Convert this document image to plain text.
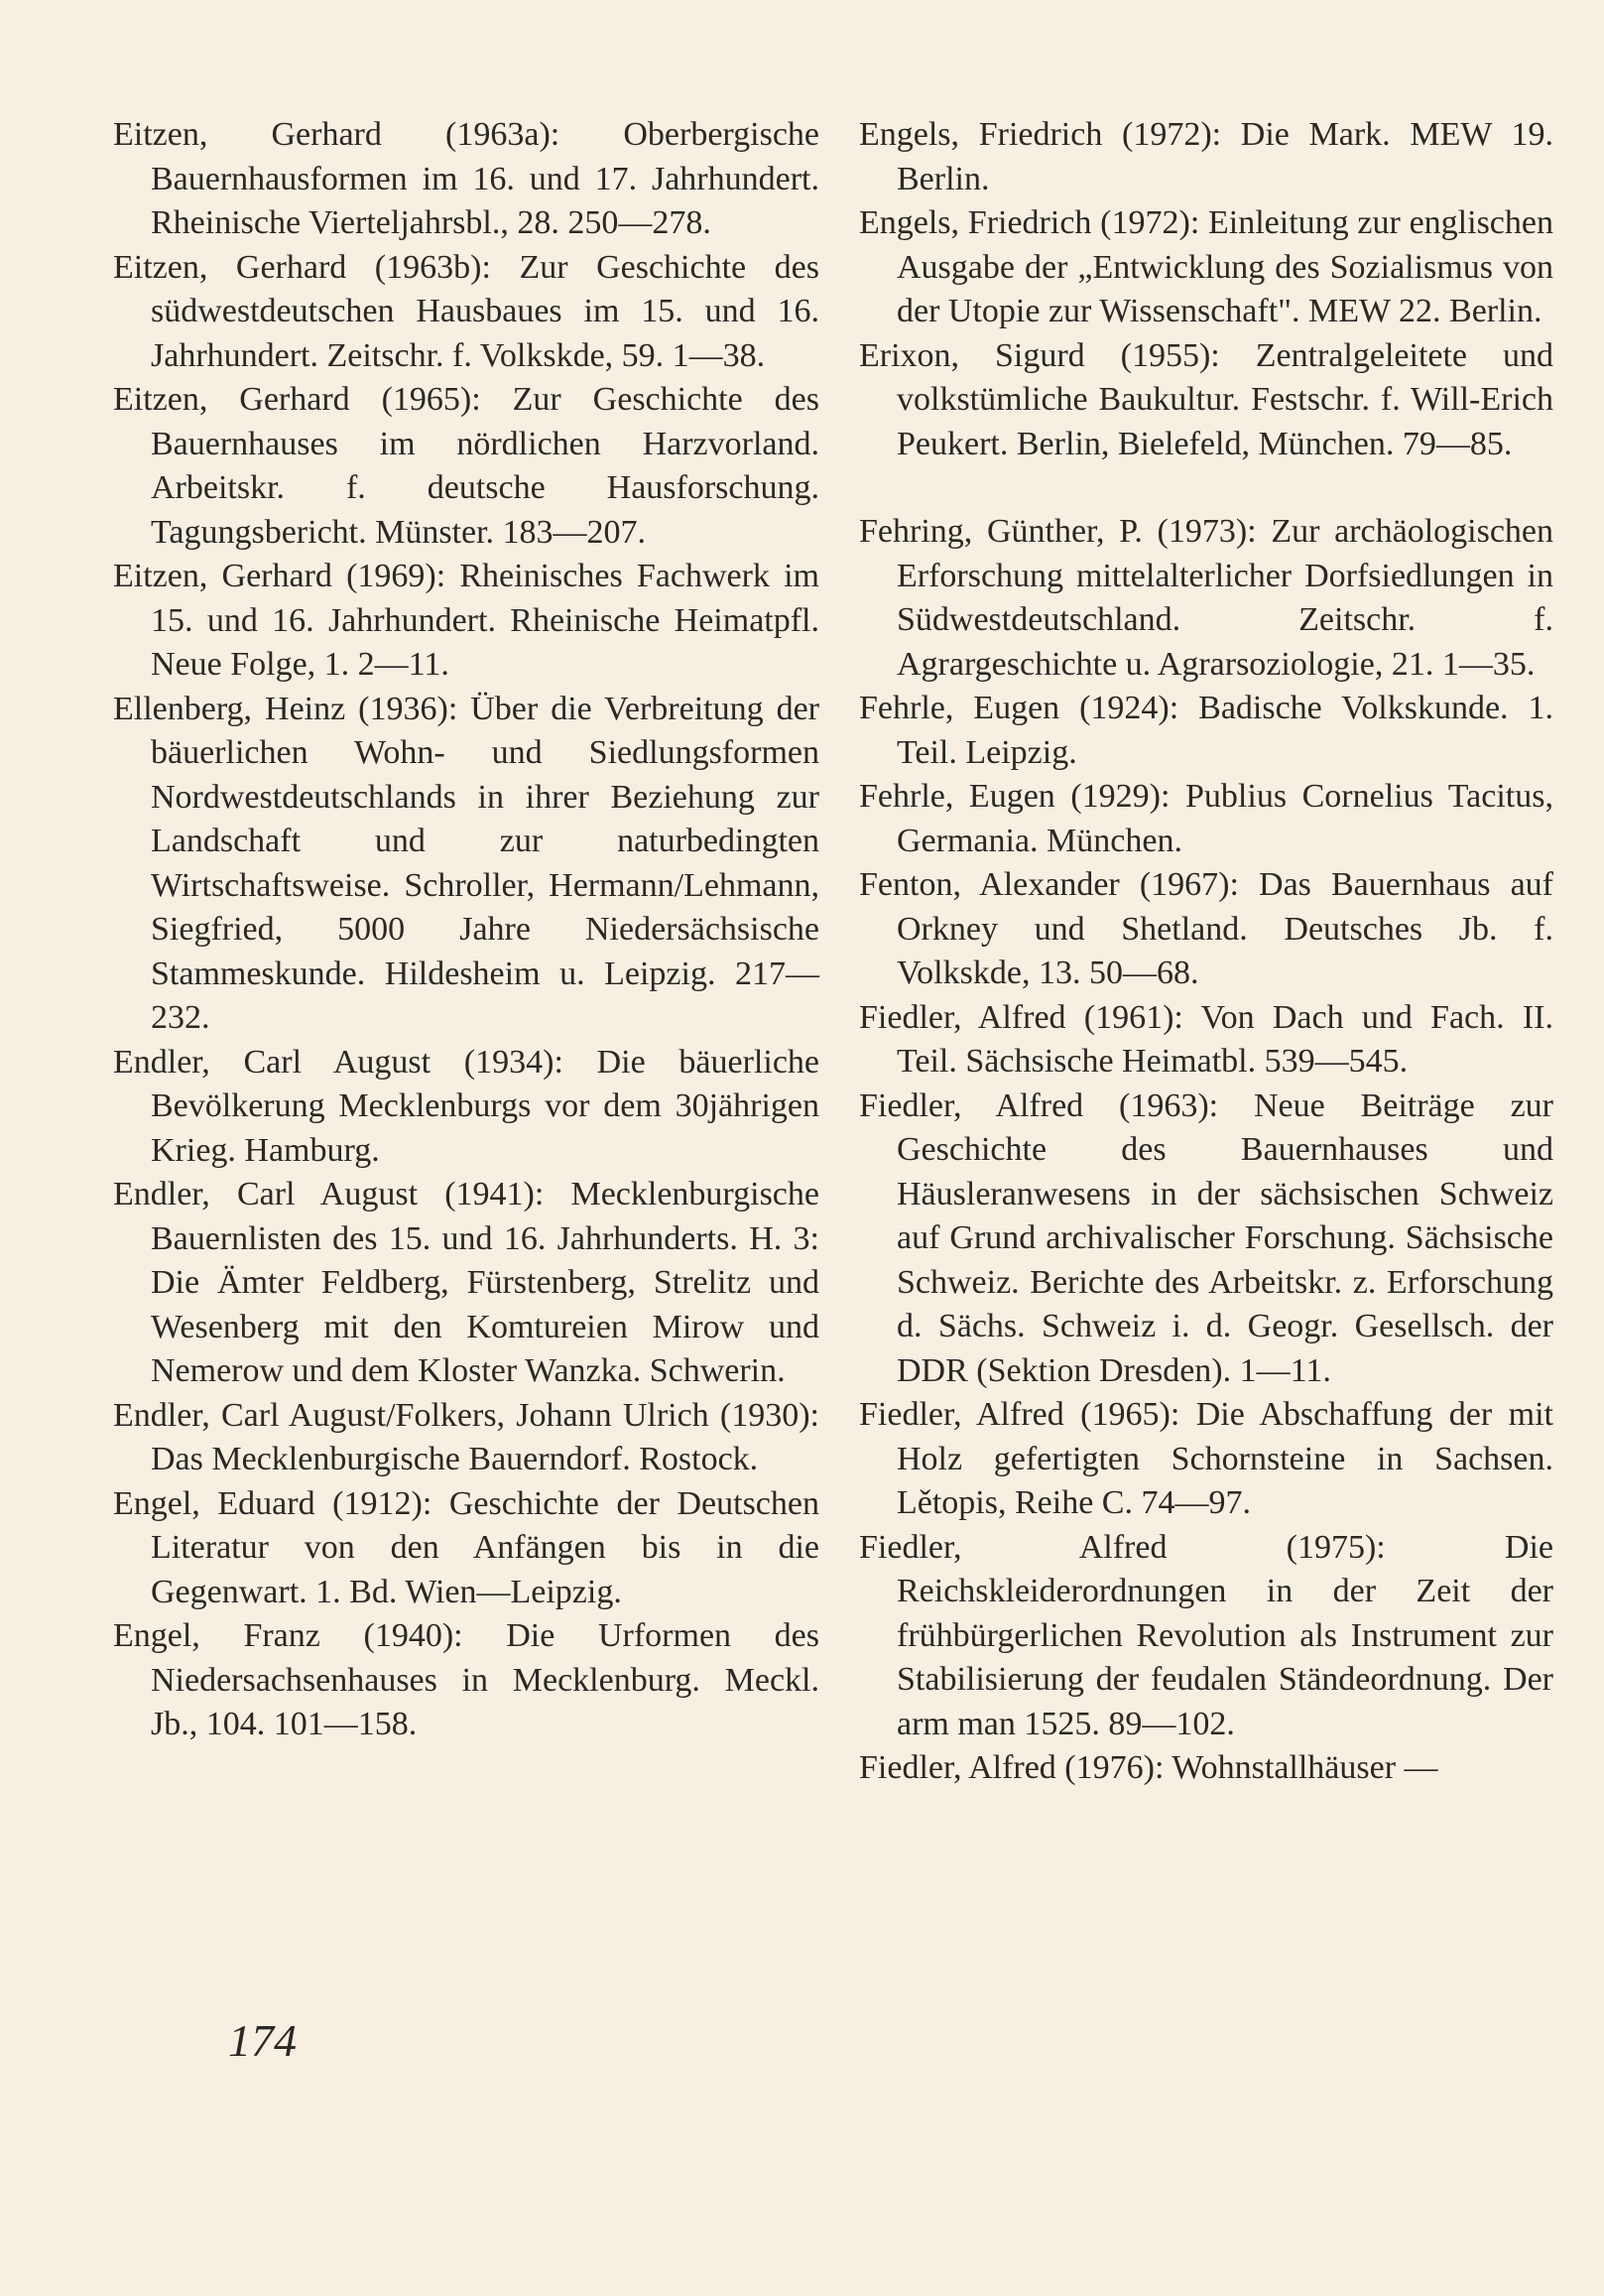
Eitzen, Gerhard (1963a): Oberbergische Bauernhausformen im 16. und 17. Jahrhundert. Rheinische Vierteljahrsbl., 28. 250—278.

Eitzen, Gerhard (1963b): Zur Geschichte des südwestdeutschen Hausbaues im 15. und 16. Jahrhundert. Zeitschr. f. Volkskde, 59. 1—38.

Eitzen, Gerhard (1965): Zur Geschichte des Bauernhauses im nördlichen Harzvorland. Arbeitskr. f. deutsche Hausforschung. Tagungsbericht. Münster. 183—207.

Eitzen, Gerhard (1969): Rheinisches Fachwerk im 15. und 16. Jahrhundert. Rheinische Heimatpfl. Neue Folge, 1. 2—11.

Ellenberg, Heinz (1936): Über die Verbreitung der bäuerlichen Wohn- und Siedlungsformen Nordwestdeutschlands in ihrer Beziehung zur Landschaft und zur naturbedingten Wirtschaftsweise. Schroller, Hermann/Lehmann, Siegfried, 5000 Jahre Niedersächsische Stammeskunde. Hildesheim u. Leipzig. 217—232.

Endler, Carl August (1934): Die bäuerliche Bevölkerung Mecklenburgs vor dem 30jährigen Krieg. Hamburg.

Endler, Carl August (1941): Mecklenburgische Bauernlisten des 15. und 16. Jahrhunderts. H. 3: Die Ämter Feldberg, Fürstenberg, Strelitz und Wesenberg mit den Komtureien Mirow und Nemerow und dem Kloster Wanzka. Schwerin.

Endler, Carl August/Folkers, Johann Ulrich (1930): Das Mecklenburgische Bauerndorf. Rostock.

Engel, Eduard (1912): Geschichte der Deutschen Literatur von den Anfängen bis in die Gegenwart. 1. Bd. Wien—Leipzig.

Engel, Franz (1940): Die Urformen des Niedersachsenhauses in Mecklenburg. Meckl. Jb., 104. 101—158.

Engels, Friedrich (1972): Die Mark. MEW 19. Berlin.

Engels, Friedrich (1972): Einleitung zur englischen Ausgabe der „Entwicklung des Sozialismus von der Utopie zur Wissenschaft". MEW 22. Berlin.

Erixon, Sigurd (1955): Zentralgeleitete und volkstümliche Baukultur. Festschr. f. Will-Erich Peukert. Berlin, Bielefeld, München. 79—85.

Fehring, Günther, P. (1973): Zur archäologischen Erforschung mittelalterlicher Dorfsiedlungen in Südwestdeutschland. Zeitschr. f. Agrargeschichte u. Agrarsoziologie, 21. 1—35.

Fehrle, Eugen (1924): Badische Volkskunde. 1. Teil. Leipzig.

Fehrle, Eugen (1929): Publius Cornelius Tacitus, Germania. München.

Fenton, Alexander (1967): Das Bauernhaus auf Orkney und Shetland. Deutsches Jb. f. Volkskde, 13. 50—68.

Fiedler, Alfred (1961): Von Dach und Fach. II. Teil. Sächsische Heimatbl. 539—545.

Fiedler, Alfred (1963): Neue Beiträge zur Geschichte des Bauernhauses und Häusleranwesens in der sächsischen Schweiz auf Grund archivalischer Forschung. Sächsische Schweiz. Berichte des Arbeitskr. z. Erforschung d. Sächs. Schweiz i. d. Geogr. Gesellsch. der DDR (Sektion Dresden). 1—11.

Fiedler, Alfred (1965): Die Abschaffung der mit Holz gefertigten Schornsteine in Sachsen. Lětopis, Reihe C. 74—97.

Fiedler, Alfred (1975): Die Reichskleiderordnungen in der Zeit der frühbürgerlichen Revolution als Instrument zur Stabilisierung der feudalen Ständeordnung. Der arm man 1525. 89—102.

Fiedler, Alfred (1976): Wohnstallhäuser —

174
